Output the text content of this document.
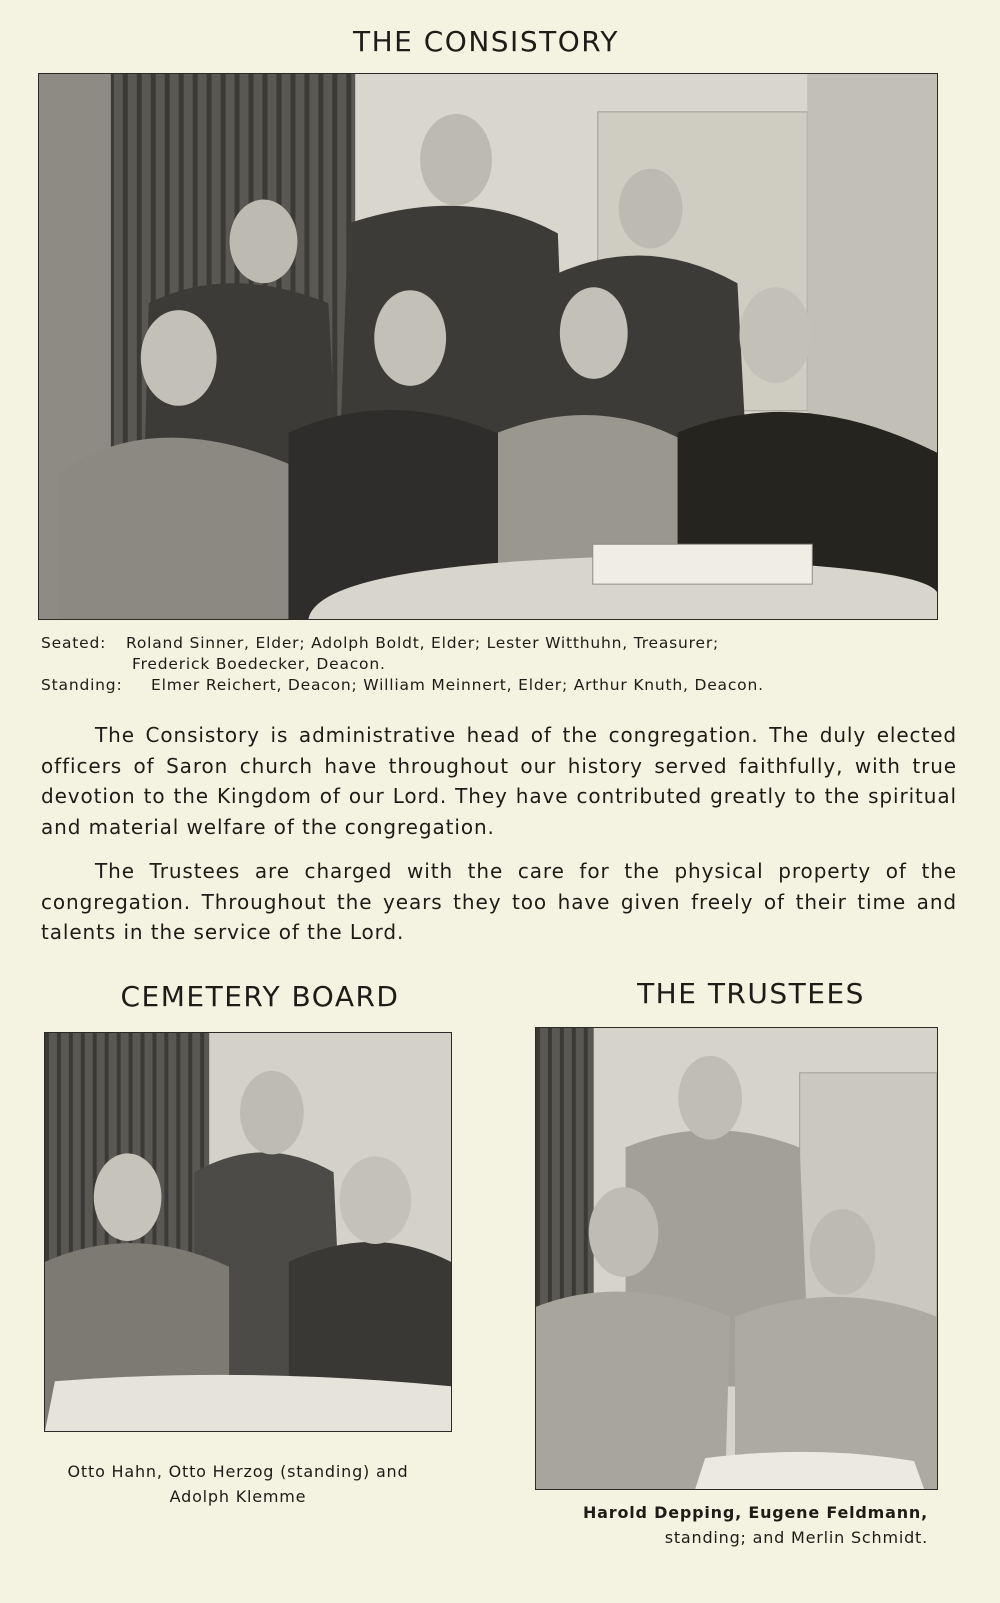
THE CONSISTORY
Seated: Roland Sinner, Elder; Adolph Boldt, Elder; Lester Witthuhn, Treasurer;
Frederick Boedecker, Deacon.
Standing: Elmer Reichert, Deacon; William Meinnert, Elder; Arthur Knuth, Deacon.

The Consistory is administrative head of the congregation. The duly elected officers of Saron church have throughout our history served faithfully, with true devotion to the Kingdom of our Lord. They have contributed greatly to the spiritual and material welfare of the congregation.

The Trustees are charged with the care for the physical property of the congregation. Throughout the years they too have given freely of their time and talents in the service of the Lord.

CEMETERY BOARD
Otto Hahn, Otto Herzog (standing) and
Adolph Klemme
THE TRUSTEES
Harold Depping, Eugene Feldmann,
standing; and Merlin Schmidt.
